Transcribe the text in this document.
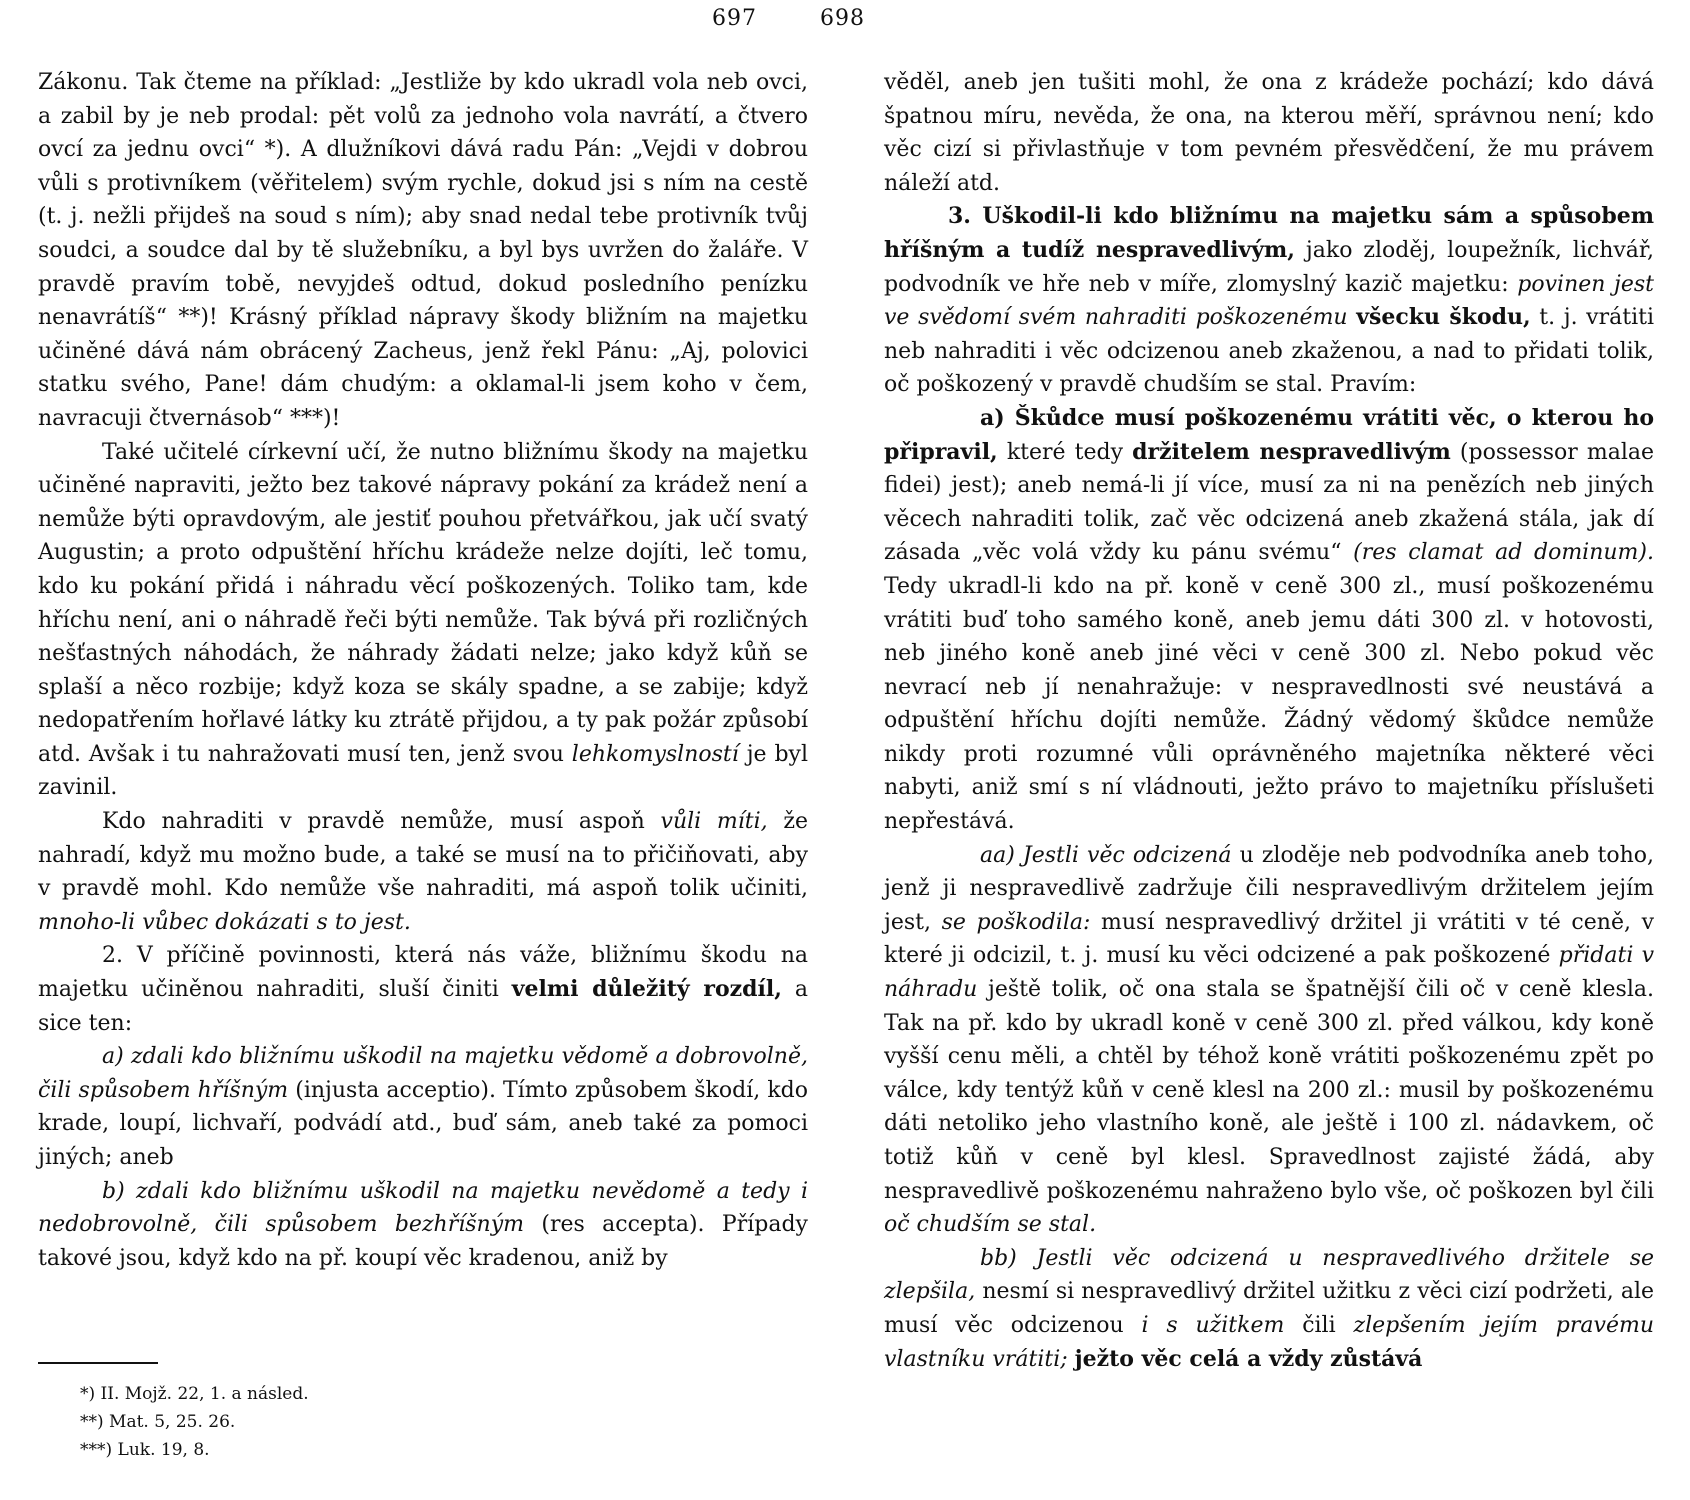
697	698

Zákonu. Tak čteme na příklad: „Jestliže by kdo ukradl vola neb ovci, a zabil by je neb prodal: pět volů za jednoho vola navrátí, a čtvero ovcí za jednu ovci“ *). A dlužníkovi dává radu Pán: „Vejdi v dobrou vůli s protivníkem (věřitelem) svým rychle, dokud jsi s ním na cestě (t. j. nežli přijdeš na soud s ním); aby snad nedal tebe protivník tvůj soudci, a soudce dal by tě služebníku, a byl bys uvržen do žaláře. V pravdě pravím tobě, nevyjdeš odtud, dokud posledního penízku nenavrátíš“ **)! Krásný příklad nápravy škody bližním na majetku učiněné dává nám obrácený Zacheus, jenž řekl Pánu: „Aj, polovici statku svého, Pane! dám chudým: a oklamal-li jsem koho v čem, navracuji čtvernásob“ ***)!

Také učitelé církevní učí, že nutno bližnímu škody na majetku učiněné napraviti, ježto bez takové nápravy pokání za krádež není a nemůže býti opravdovým, ale jestiť pouhou přetvářkou, jak učí svatý Augustin; a proto odpuštění hříchu krádeže nelze dojíti, leč tomu, kdo ku pokání přidá i náhradu věcí poškozených. Toliko tam, kde hříchu není, ani o náhradě řeči býti nemůže. Tak bývá při rozličných nešťastných náhodách, že náhrady žádati nelze; jako když kůň se splaší a něco rozbije; když koza se skály spadne, a se zabije; když nedopatřením hořlavé látky ku ztrátě přijdou, a ty pak požár způsobí atd. Avšak i tu nahražovati musí ten, jenž svou lehkomyslností je byl zavinil.

Kdo nahraditi v pravdě nemůže, musí aspoň vůli míti, že nahradí, když mu možno bude, a také se musí na to přičiňovati, aby v pravdě mohl. Kdo nemůže vše nahraditi, má aspoň tolik učiniti, mnoho-li vůbec dokázati s to jest.

2. V příčině povinnosti, která nás váže, bližnímu škodu na majetku učiněnou nahraditi, sluší činiti velmi důležitý rozdíl, a sice ten:

a) zdali kdo bližnímu uškodil na majetku vědomě a dobrovolně, čili spůsobem hříšným (injusta acceptio). Tímto způsobem škodí, kdo krade, loupí, lichvaří, podvádí atd., buď sám, aneb také za pomoci jiných; aneb

b) zdali kdo bližnímu uškodil na majetku nevědomě a tedy i nedobrovolně, čili spůsobem bezhříšným (res accepta). Případy takové jsou, když kdo na př. koupí věc kradenou, aniž by

*) II. Mojž. 22, 1. a násled.
**) Mat. 5, 25. 26.
***) Luk. 19, 8.

věděl, aneb jen tušiti mohl, že ona z krádeže pochází; kdo dává špatnou míru, nevěda, že ona, na kterou měří, správnou není; kdo věc cizí si přivlastňuje v tom pevném přesvědčení, že mu právem náleží atd.

3. Uškodil-li kdo bližnímu na majetku sám a spůsobem hříšným a tudíž nespravedlivým, jako zloděj, loupežník, lichvář, podvodník ve hře neb v míře, zlomyslný kazič majetku: povinen jest ve svědomí svém nahraditi poškozenému všecku škodu, t. j. vrátiti neb nahraditi i věc odcizenou aneb zkaženou, a nad to přidati tolik, oč poškozený v pravdě chudším se stal. Pravím:

a) Škůdce musí poškozenému vrátiti věc, o kterou ho připravil, které tedy držitelem nespravedlivým (possessor malae fidei) jest); aneb nemá-li jí více, musí za ni na penězích neb jiných věcech nahraditi tolik, zač věc odcizená aneb zkažená stála, jak dí zásada „věc volá vždy ku pánu svému“ (res clamat ad dominum). Tedy ukradl-li kdo na př. koně v ceně 300 zl., musí poškozenému vrátiti buď toho samého koně, aneb jemu dáti 300 zl. v hotovosti, neb jiného koně aneb jiné věci v ceně 300 zl. Nebo pokud věc nevrací neb jí nenahražuje: v nespravedlnosti své neustává a odpuštění hříchu dojíti nemůže. Žádný vědomý škůdce nemůže nikdy proti rozumné vůli oprávněného majetníka některé věci nabyti, aniž smí s ní vládnouti, ježto právo to majetníku příslušeti nepřestává.

aa) Jestli věc odcizená u zloděje neb podvodníka aneb toho, jenž ji nespravedlivě zadržuje čili nespravedlivým držitelem jejím jest, se poškodila: musí nespravedlivý držitel ji vrátiti v té ceně, v které ji odcizil, t. j. musí ku věci odcizené a pak poškozené přidati v náhradu ještě tolik, oč ona stala se špatnější čili oč v ceně klesla. Tak na př. kdo by ukradl koně v ceně 300 zl. před válkou, kdy koně vyšší cenu měli, a chtěl by téhož koně vrátiti poškozenému zpět po válce, kdy tentýž kůň v ceně klesl na 200 zl.: musil by poškozenému dáti netoliko jeho vlastního koně, ale ještě i 100 zl. nádavkem, oč totiž kůň v ceně byl klesl. Spravedlnost zajisté žádá, aby nespravedlivě poškozenému nahraženo bylo vše, oč poškozen byl čili oč chudším se stal.

bb) Jestli věc odcizená u nespravedlivého držitele se zlepšila, nesmí si nespravedlivý držitel užitku z věci cizí podržeti, ale musí věc odcizenou i s užitkem čili zlepšením jejím pravému vlastníku vrátiti; ježto věc celá a vždy zůstává
